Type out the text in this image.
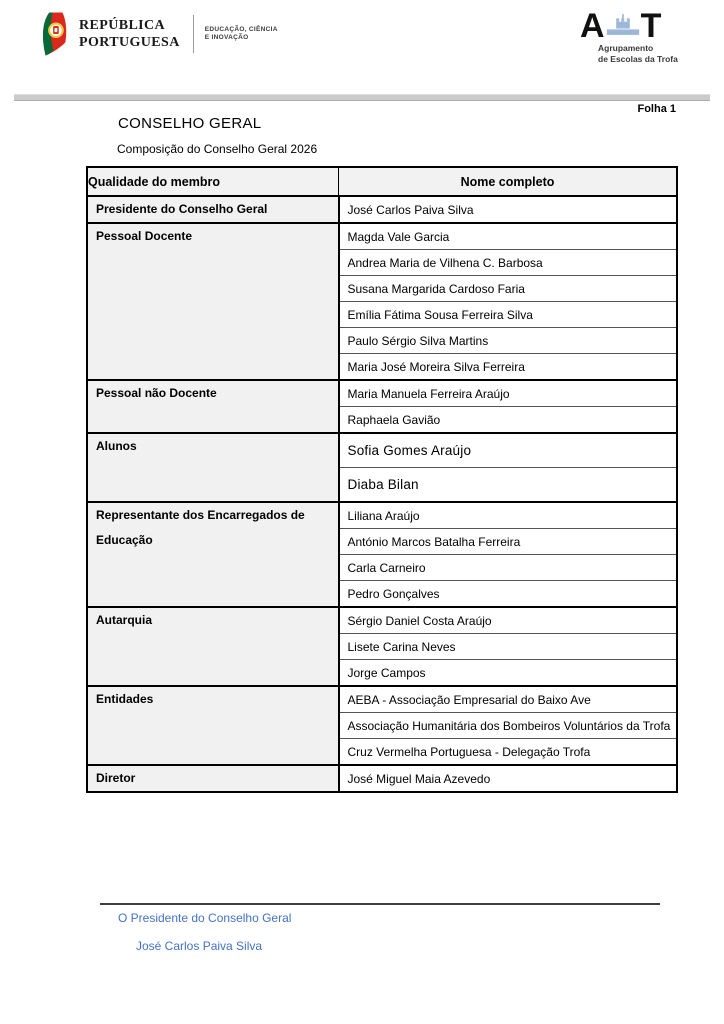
REPÚBLICA
PORTUGUESA
EDUCAÇÃO, CIÊNCIA
E INOVAÇÃO	A T
Agrupamento
de Escolas da Trofa
Folha 1
CONSELHO GERAL
Composição do Conselho Geral 2026
Qualidade do membro	Nome completo
Presidente do Conselho Geral	José Carlos Paiva Silva
Pessoal Docente	Magda Vale Garcia
	Andrea Maria de Vilhena C. Barbosa
	Susana Margarida Cardoso Faria
	Emília Fátima Sousa Ferreira Silva
	Paulo Sérgio Silva Martins
	Maria José Moreira Silva Ferreira
Pessoal não Docente	Maria Manuela Ferreira Araújo
	Raphaela Gavião
Alunos	Sofia Gomes Araújo
	Diaba Bilan
Representante dos Encarregados de Educação	Liliana Araújo
	António Marcos Batalha Ferreira
	Carla Carneiro
	Pedro Gonçalves
Autarquia	Sérgio Daniel Costa Araújo
	Lisete Carina Neves
	Jorge Campos
Entidades	AEBA - Associação Empresarial do Baixo Ave
	Associação Humanitária dos Bombeiros Voluntários da Trofa
	Cruz Vermelha Portuguesa - Delegação Trofa
Diretor	José Miguel Maia Azevedo
O Presidente do Conselho Geral
José Carlos Paiva Silva
